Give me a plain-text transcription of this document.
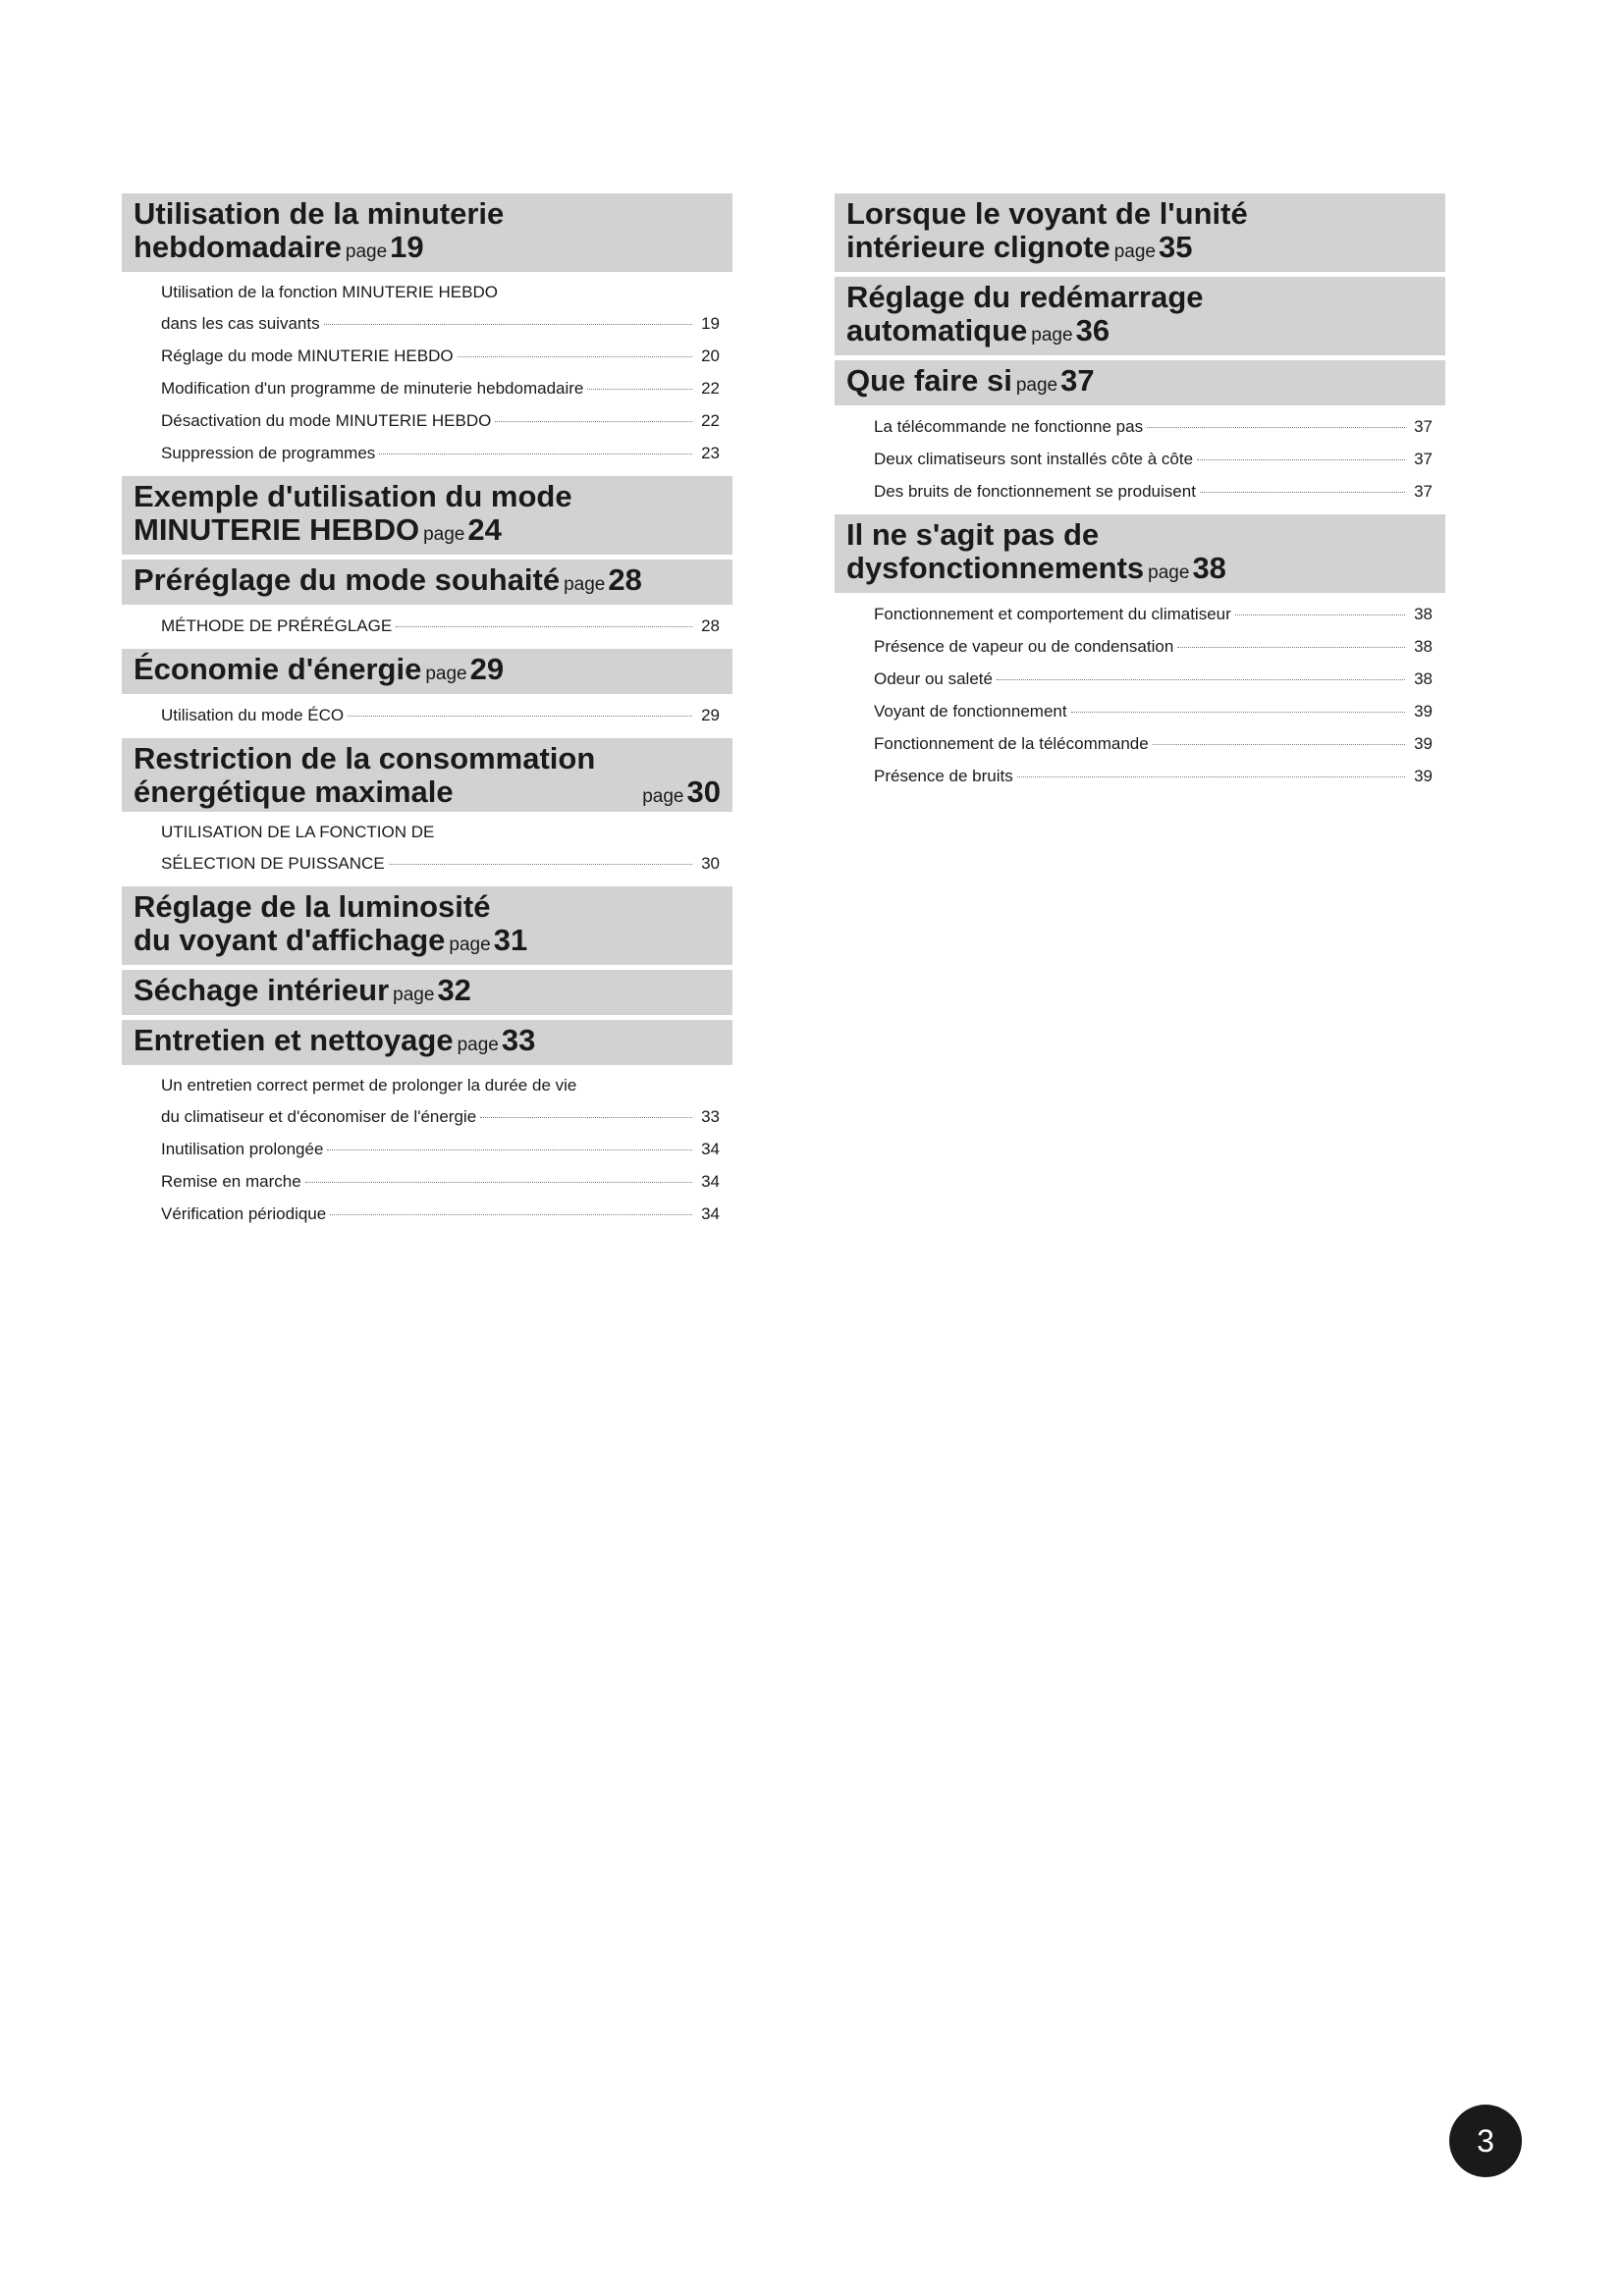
Utilisation de la minuterie
hebdomadaire page19
Utilisation de la fonction MINUTERIE HEBDO
dans les cas suivants	19
Réglage du mode MINUTERIE HEBDO	20
Modification d'un programme de minuterie hebdomadaire	22
Désactivation du mode MINUTERIE HEBDO	22
Suppression de programmes	23
Exemple d'utilisation du mode
MINUTERIE HEBDO page24
Préréglage du mode souhaité page28
MÉTHODE DE PRÉRÉGLAGE	28
Économie d'énergie page29
Utilisation du mode ÉCO	29
Restriction de la consommation
énergétique maximale	page30
UTILISATION DE LA FONCTION DE
SÉLECTION DE PUISSANCE	30
Réglage de la luminosité
du voyant d'affichage page31
Séchage intérieur page32
Entretien et nettoyage page33
Un entretien correct permet de prolonger la durée de vie
du climatiseur et d'économiser de l'énergie	33
Inutilisation prolongée	34
Remise en marche	34
Vérification périodique	34
Lorsque le voyant de l'unité
intérieure clignote page35
Réglage du redémarrage
automatique page36
Que faire si page37
La télécommande ne fonctionne pas	37
Deux climatiseurs sont installés côte à côte	37
Des bruits de fonctionnement se produisent	37
Il ne s'agit pas de
dysfonctionnements page38
Fonctionnement et comportement du climatiseur	38
Présence de vapeur ou de condensation	38
Odeur ou saleté	38
Voyant de fonctionnement	39
Fonctionnement de la télécommande	39
Présence de bruits	39
3
